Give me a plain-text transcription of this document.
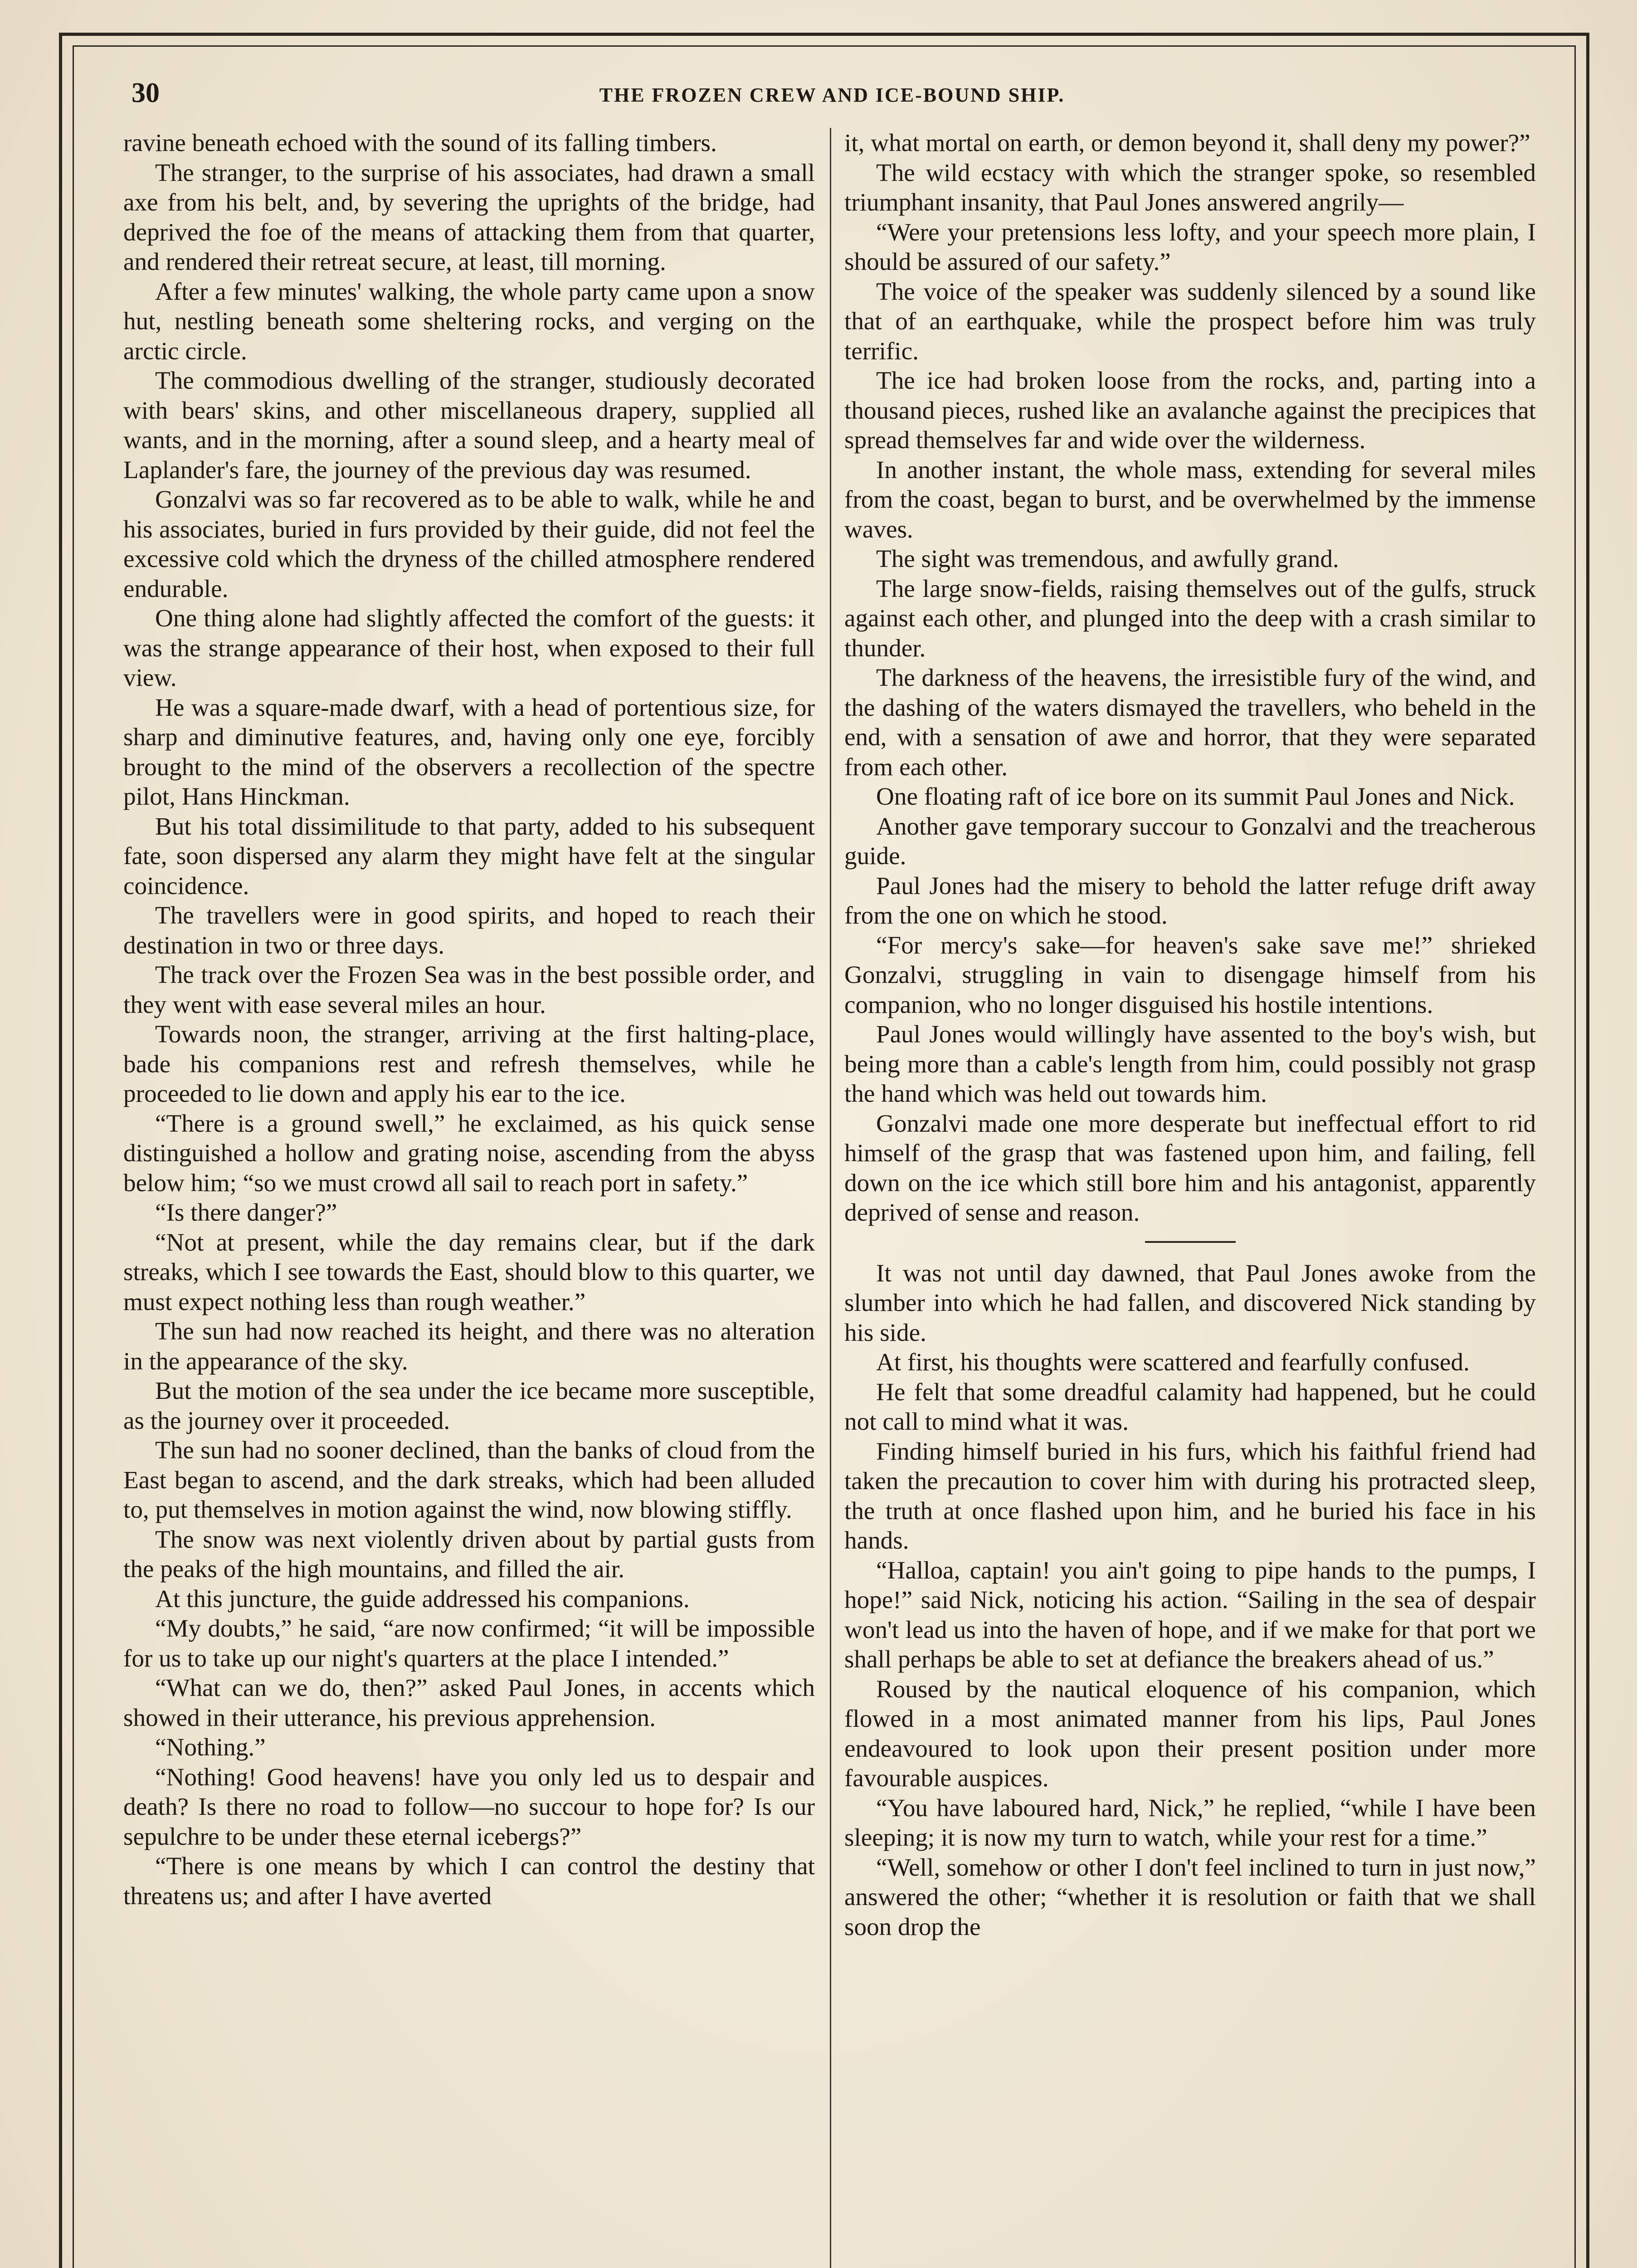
30	THE FROZEN CREW AND ICE-BOUND SHIP.

ravine beneath echoed with the sound of its falling timbers.

The stranger, to the surprise of his associates, had drawn a small axe from his belt, and, by severing the uprights of the bridge, had deprived the foe of the means of attacking them from that quarter, and rendered their retreat secure, at least, till morning.

After a few minutes' walking, the whole party came upon a snow hut, nestling beneath some sheltering rocks, and verging on the arctic circle.

The commodious dwelling of the stranger, studiously decorated with bears' skins, and other miscellaneous drapery, supplied all wants, and in the morning, after a sound sleep, and a hearty meal of Laplander's fare, the journey of the previous day was resumed.

Gonzalvi was so far recovered as to be able to walk, while he and his associates, buried in furs provided by their guide, did not feel the excessive cold which the dryness of the chilled atmosphere rendered endurable.

One thing alone had slightly affected the comfort of the guests: it was the strange appearance of their host, when exposed to their full view.

He was a square-made dwarf, with a head of portentious size, for sharp and diminutive features, and, having only one eye, forcibly brought to the mind of the observers a recollection of the spectre pilot, Hans Hinckman.

But his total dissimilitude to that party, added to his subsequent fate, soon dispersed any alarm they might have felt at the singular coincidence.

The travellers were in good spirits, and hoped to reach their destination in two or three days.

The track over the Frozen Sea was in the best possible order, and they went with ease several miles an hour.

Towards noon, the stranger, arriving at the first halting-place, bade his companions rest and refresh themselves, while he proceeded to lie down and apply his ear to the ice.

“There is a ground swell,” he exclaimed, as his quick sense distinguished a hollow and grating noise, ascending from the abyss below him; “so we must crowd all sail to reach port in safety.”

“Is there danger?”

“Not at present, while the day remains clear, but if the dark streaks, which I see towards the East, should blow to this quarter, we must expect nothing less than rough weather.”

The sun had now reached its height, and there was no alteration in the appearance of the sky.

But the motion of the sea under the ice became more susceptible, as the journey over it proceeded.

The sun had no sooner declined, than the banks of cloud from the East began to ascend, and the dark streaks, which had been alluded to, put themselves in motion against the wind, now blowing stiffly.

The snow was next violently driven about by partial gusts from the peaks of the high mountains, and filled the air.

At this juncture, the guide addressed his companions.

“My doubts,” he said, “are now confirmed; “it will be impossible for us to take up our night's quarters at the place I intended.”

“What can we do, then?” asked Paul Jones, in accents which showed in their utterance, his previous apprehension.

“Nothing.”

“Nothing! Good heavens! have you only led us to despair and death? Is there no road to follow—no succour to hope for? Is our sepulchre to be under these eternal icebergs?”

“There is one means by which I can control the destiny that threatens us; and after I have averted

it, what mortal on earth, or demon beyond it, shall deny my power?”

The wild ecstacy with which the stranger spoke, so resembled triumphant insanity, that Paul Jones answered angrily—

“Were your pretensions less lofty, and your speech more plain, I should be assured of our safety.”

The voice of the speaker was suddenly silenced by a sound like that of an earthquake, while the prospect before him was truly terrific.

The ice had broken loose from the rocks, and, parting into a thousand pieces, rushed like an avalanche against the precipices that spread themselves far and wide over the wilderness.

In another instant, the whole mass, extending for several miles from the coast, began to burst, and be overwhelmed by the immense waves.

The sight was tremendous, and awfully grand.

The large snow-fields, raising themselves out of the gulfs, struck against each other, and plunged into the deep with a crash similar to thunder.

The darkness of the heavens, the irresistible fury of the wind, and the dashing of the waters dismayed the travellers, who beheld in the end, with a sensation of awe and horror, that they were separated from each other.

One floating raft of ice bore on its summit Paul Jones and Nick.

Another gave temporary succour to Gonzalvi and the treacherous guide.

Paul Jones had the misery to behold the latter refuge drift away from the one on which he stood.

“For mercy's sake—for heaven's sake save me!” shrieked Gonzalvi, struggling in vain to disengage himself from his companion, who no longer disguised his hostile intentions.

Paul Jones would willingly have assented to the boy's wish, but being more than a cable's length from him, could possibly not grasp the hand which was held out towards him.

Gonzalvi made one more desperate but ineffectual effort to rid himself of the grasp that was fastened upon him, and failing, fell down on the ice which still bore him and his antagonist, apparently deprived of sense and reason.

It was not until day dawned, that Paul Jones awoke from the slumber into which he had fallen, and discovered Nick standing by his side.

At first, his thoughts were scattered and fearfully confused.

He felt that some dreadful calamity had happened, but he could not call to mind what it was.

Finding himself buried in his furs, which his faithful friend had taken the precaution to cover him with during his protracted sleep, the truth at once flashed upon him, and he buried his face in his hands.

“Halloa, captain! you ain't going to pipe hands to the pumps, I hope!” said Nick, noticing his action. “Sailing in the sea of despair won't lead us into the haven of hope, and if we make for that port we shall perhaps be able to set at defiance the breakers ahead of us.”

Roused by the nautical eloquence of his companion, which flowed in a most animated manner from his lips, Paul Jones endeavoured to look upon their present position under more favourable auspices.

“You have laboured hard, Nick,” he replied, “while I have been sleeping; it is now my turn to watch, while your rest for a time.”

“Well, somehow or other I don't feel inclined to turn in just now,” answered the other; “whether it is resolution or faith that we shall soon drop the
